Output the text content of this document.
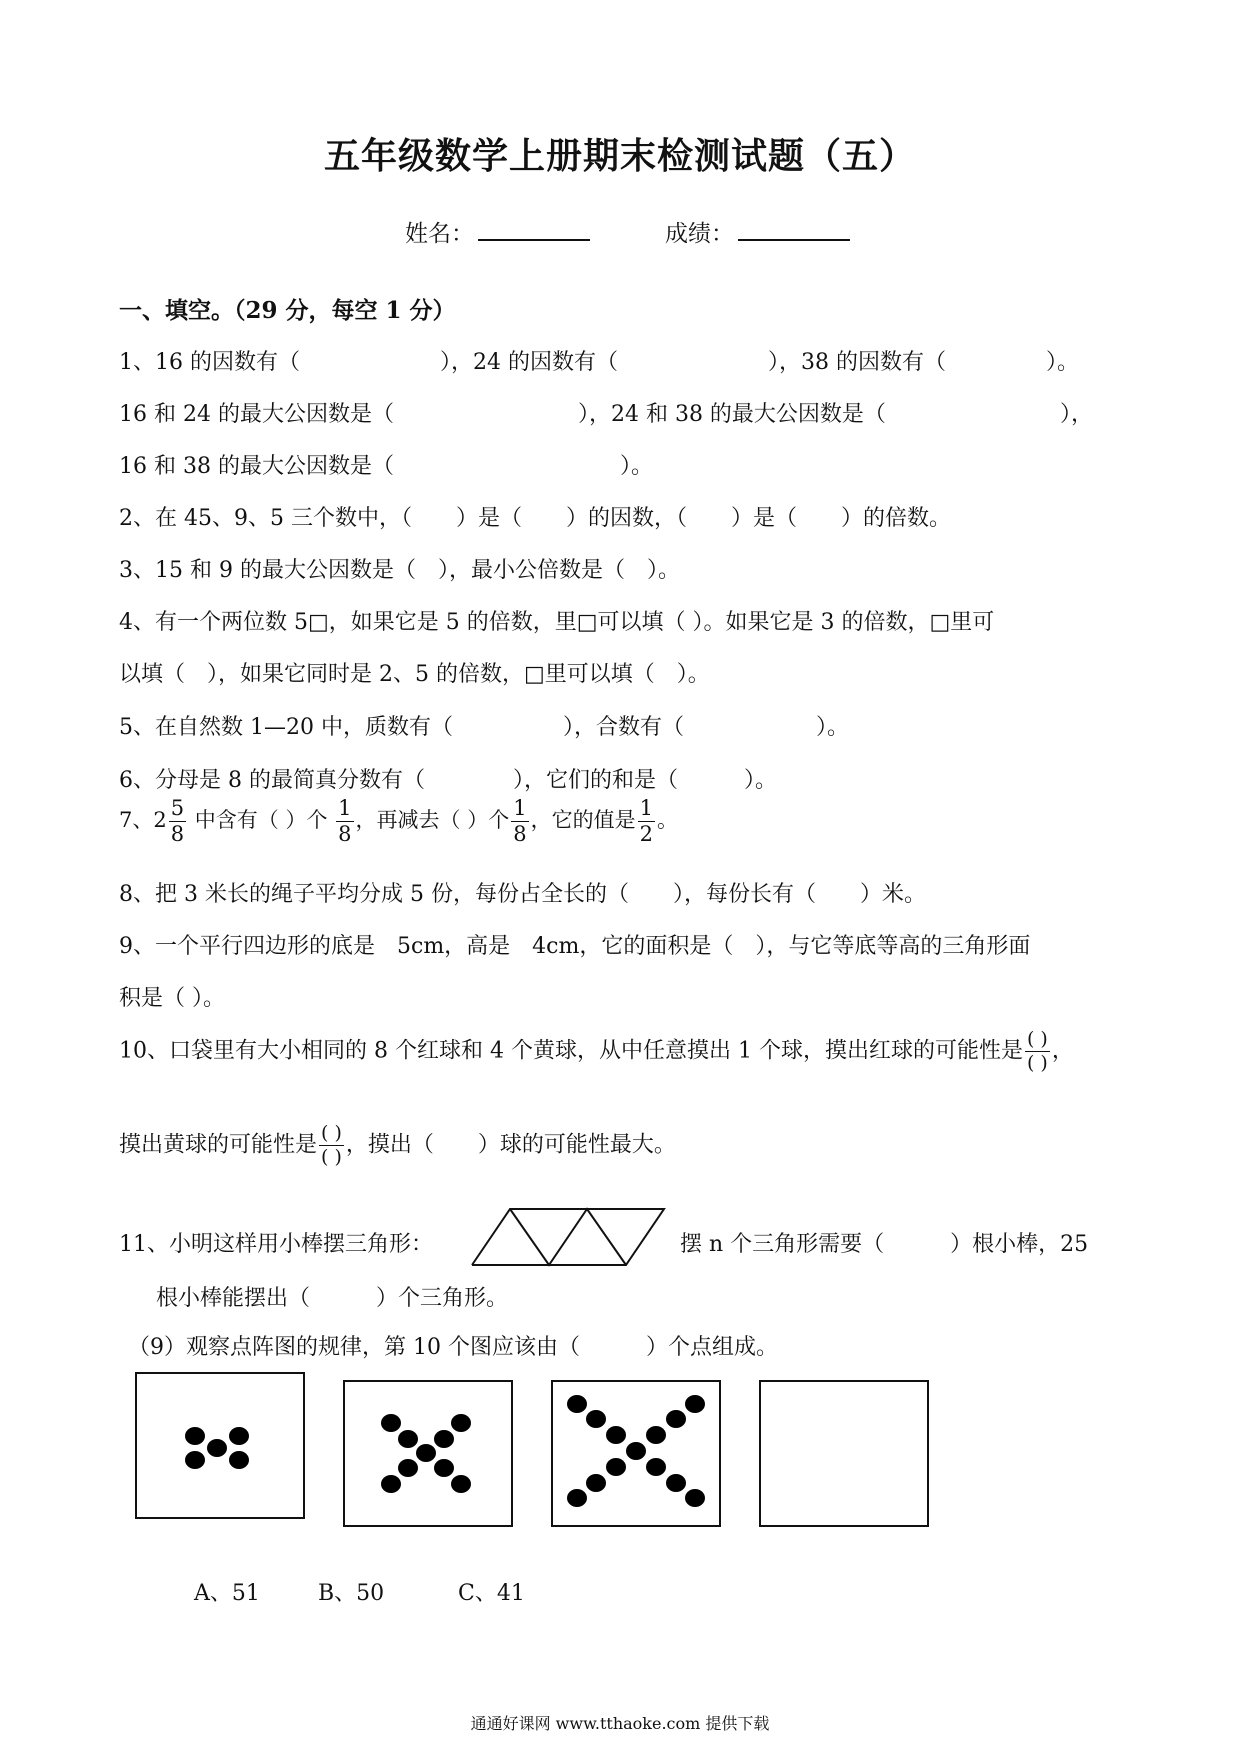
五年级数学上册期末检测试题（五）
姓名：	成绩：
一、填空。（29 分，每空 1 分）
1、16 的因数有（	），24 的因数有（	），38 的因数有（	）。
16 和 24 的最大公因数是（	），24 和 38 的最大公因数是（	），
16 和 38 的最大公因数是（	）。
2、在 45、9、5 三个数中，（　　）是（　　）的因数，（　　）是（　　）的倍数。
3、15 和 9 的最大公因数是（　），最小公倍数是（　）。
4、有一个两位数 5□，如果它是 5 的倍数，里□可以填（ ）。如果它是 3 的倍数，□里可
以填（　），如果它同时是 2、5 的倍数，□里可以填（　）。
5、在自然数 1—20 中，质数有（　　　　　），合数有（　　　　　　）。
6、分母是 8 的最简真分数有（　　　　），它们的和是（　　　）。
7、$2 \frac{5}{8}$ 中含有（ ）个 $\frac{1}{8}$ ，再减去（ ）个 $\frac{1}{8}$ ，它的值是 $\frac{1}{2}$ 。
8、把 3 米长的绳子平均分成 5 份，每份占全长的（　　），每份长有（　　）米。
9、一个平行四边形的底是　5cm，高是　4cm，它的面积是（　），与它等底等高的三角形面
积是（ ）。
10、口袋里有大小相同的 8 个红球和 4 个黄球，从中任意摸出 1 个球，摸出红球的可能性是 $\frac{( )}{( )}$ ，
摸出黄球的可能性是 $\frac{( )}{( )}$ ，摸出（　　）球的可能性最大。
11、小明这样用小棒摆三角形：	摆 n 个三角形需要（　　　）根小棒，25
根小棒能摆出（　　　）个三角形。
（9）观察点阵图的规律，第 10 个图应该由（　　　）个点组成。
A、51	B、50	C、41
通通好课网 www.tthaoke.com 提供下载
